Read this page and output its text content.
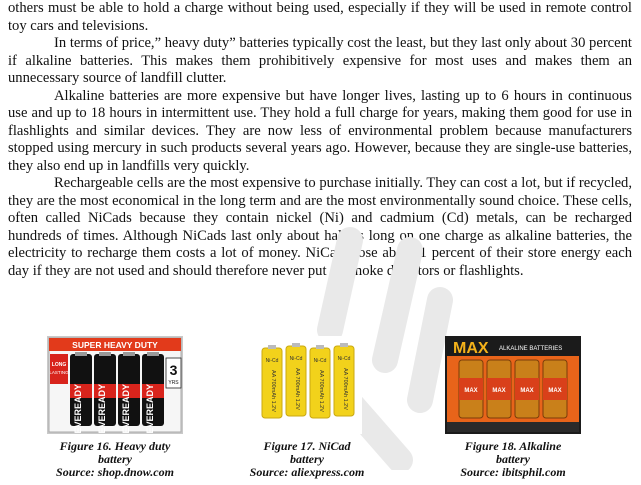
others must be able to hold a charge without being used, especially if they will be used in remote control toy cars and televisions.

In terms of price,” heavy duty” batteries typically cost the least, but they last only about 30 percent if alkaline batteries. This makes them prohibitively expensive for most uses and makes them an unnecessary source of landfill clutter.

Alkaline batteries are more expensive but have longer lives, lasting up to 6 hours in continuous use and up to 18 hours in intermittent use. They hold a full charge for years, making them good for use in flashlights and similar devices. They are now less of environmental problem because manufacturers stopped using mercury in such products several years ago. However, because they are single-use batteries, they also end up in landfills very quickly.

Rechargeable cells are the most expensive to purchase initially. They can cost a lot, but if recycled, they are the most economical in the long term and are the most environmentally sound choice. These cells, often called NiCads because they contain nickel (Ni) and cadmium (Cd) metals, can be recharged hundreds of times. Although NiCads last only about half as long on one charge as alkaline batteries, the electricity to recharge them costs a lot of money. NiCads lose about 1 percent of their store energy each day if they are not used and should therefore never put in smoke detectors or flashlights.

SUPER HEAVY DUTY
LONG
LASTING
EVEREADY EVEREADY EVEREADY EVEREADY
3
YRS
Figure 16. Heavy duty
battery
Source: shop.dnow.com
Ni-Cd
AA 700mAh 1.2V
Ni-Cd
AA 700mAh 1.2V
Ni-Cd
AA 700mAh 1.2V
Ni-Cd
AA 700mAh 1.2V
Figure 17. NiCad
battery
Source: aliexpress.com
MAX ALKALINE BATTERIES
MAX MAX MAX MAX
Figure 18. Alkaline
battery
Source: ibitsphil.com
